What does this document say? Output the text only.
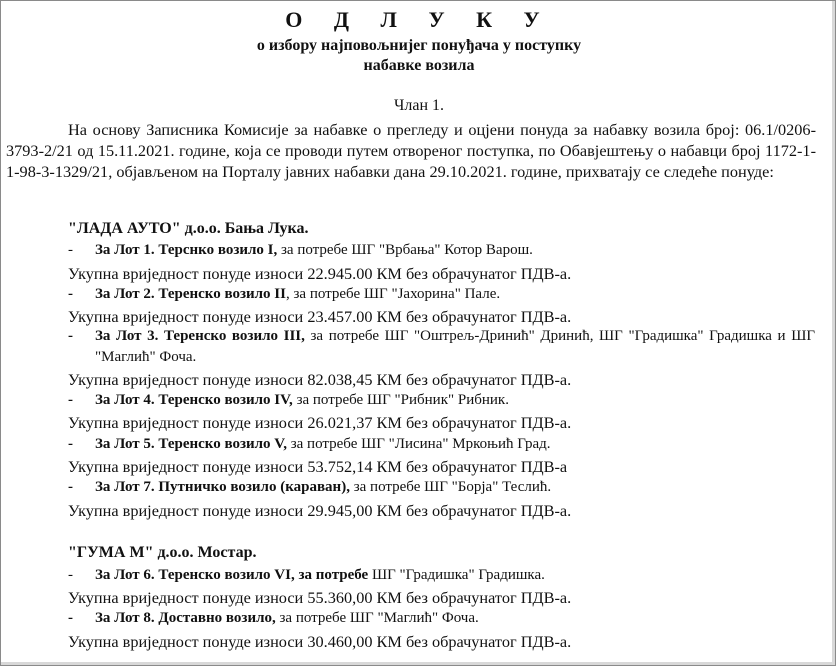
О Д Л У К У
о избору најповољнијег понуђача у поступку
набавке возила
Члан 1.
На основу Записника Комисије за набавке о прегледу и оцјени понуда за набавку возила број: 06.1/0206-3793-2/21 од 15.11.2021. године, која се проводи путем отвореног поступка, по Обавјештењу о набавци број 1172-1-1-98-3-1329/21, објављеном на Порталу јавних набавки дана 29.10.2021. године, прихватају се следеће понуде:
"ЛАДА АУТО" д.о.о. Бања Лука.
- За Лот 1. Терснко возило I, за потребе ШГ "Врбања" Котор Варош.
Укупна вриједност понуде износи 22.945.00 КМ без обрачунатог ПДВ-а.
- За Лот 2. Теренско возило II, за потребе ШГ "Јахорина" Пале.
Укупна вриједност понуде износи 23.457.00 КМ без обрачунатог ПДВ-а.
- За Лот 3. Теренско возило III, за потребе ШГ "Оштрељ-Дринић" Дринић, ШГ "Градишка" Градишка и ШГ "Маглић" Фоча.
Укупна вриједност понуде износи 82.038,45 КМ без обрачунатог ПДВ-а.
- За Лот 4. Теренско возило IV, за потребе ШГ "Рибник" Рибник.
Укупна вриједност понуде износи 26.021,37 КМ без обрачунатог ПДВ-а.
- За Лот 5. Теренско возило V, за потребе ШГ "Лисина" Мркоњић Град.
Укупна вриједност понуде износи 53.752,14 КМ без обрачунатог ПДВ-а
- За Лот 7. Путничко возило (караван), за потребе ШГ "Борја" Теслић.
Укупна вриједност понуде износи 29.945,00 КМ без обрачунатог ПДВ-а.
"ГУМА М" д.о.о. Мостар.
- За Лот 6. Теренско возило VI, за потребе ШГ "Градишка" Градишка.
Укупна вриједност понуде износи 55.360,00 КМ без обрачунатог ПДВ-а.
- За Лот 8. Доставно возило, за потребе ШГ "Маглић" Фоча.
Укупна вриједност понуде износи 30.460,00 КМ без обрачунатог ПДВ-а.
